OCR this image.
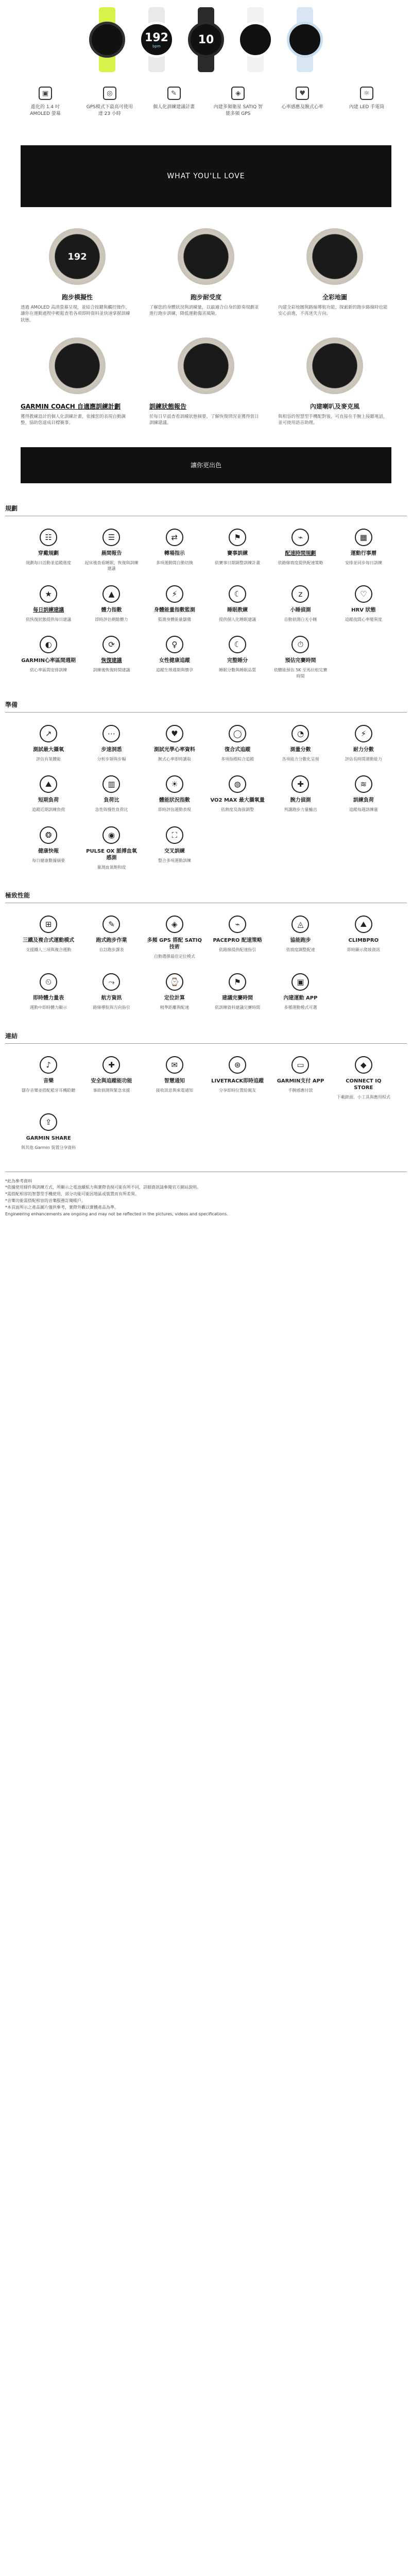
192
bpm	10
▣
進化的 1.4 吋 AMOLED 螢幕
◎
GPS模式下最高可使用達 23 小時
✎
個人化訓練建議計畫
◈
內建多頻衛星 SATIQ 智能多頻 GPS
♥
心率感應及腕式心率
☼
內建 LED 手電筒
WHAT YOU'LL LOVE
192
跑步模擬性

透過 AMOLED 高清螢幕呈現，並結合按鍵與觸控操作，讓你在運動過程中輕鬆查看各項即時資料並快速掌握訓練狀態。

跑步耐受度

了解您的身體狀況與訓練量，以最適合自身的節奏規劃並進行跑步訓練，降低運動傷害風險。

全彩地圖

內建全彩地圖與路線導航功能，探索新的跑步路線時也能安心前進，不再迷失方向。

GARMIN COACH 自適應訓練計劃

獲得教練設計的個人化訓練計畫，依據您的表現自動調整，協助您達成目標賽事。

訓練狀態報告

於每日早晨查看訓練狀態摘要，了解恢復情況並獲得當日訓練建議。

內建喇叭及麥克風

與相容的智慧型手機配對後，可直接在手腕上接聽電話，並可使用語音助理。

讓你更出色
規劃
☷
穿戴規劃
規劃每日活動並追蹤進度
☰
晨間報告
起床後查看睡眠、恢復與訓練建議
⇄
轉場指示
多項運動間自動切換
⚑
賽事訓練
依賽事日期調整訓練計畫
⌁
配速時間規劃
依路線坡度提供配速策略
▦
運動行事曆
安排並同步每日訓練
★
每日訓練建議
依恢復狀態提供每日建議
▲
體力指數
即時評估剩餘體力
⚡
身體能量指數監測
監測身體能量儲備
☾
睡眠教練
提供個人化睡眠建議
z
小睡偵測
自動偵測白天小睡
♡
HRV 狀態
追蹤夜間心率變異度
◐
GARMIN心率區間週期
依心率區間安排訓練
⟳
恢復建議
訓練後恢復時間建議
♀
女性健康追蹤
追蹤生理週期與懷孕
☾
完整睡分
睡眠分數與睡眠品質
⏱
預估完賽時間
依體能預估 5K 至馬拉松完賽時間
準備
↗
測試最大攝氧
評估有氧體能
⋯
步速洞悉
分析步頻與步幅
♥
測試光學心率資料
腕式心率即時讀取
◯
復合式追蹤
多項指標綜合追蹤
◔
測量分數
各項能力分數化呈現
⚡
耐力分數
評估長時間運動能力
⛰
短期負荷
追蹤近期訓練負荷
▥
負荷比
急性與慢性負荷比
☀
體能狀況指數
即時評估運動表現
◍
VO2 MAX 最大攝氧量
依熱度及海拔調整
✚
腕力偵測
判讀跑步力量輸出
≋
訓練負荷
追蹤每週訓練量
❂
健康快報
每日健康數據摘要
◉
PULSE OX 脈搏血氧感測
量測血氧飽和度
⛶
交叉訓練
整合多項運動訓練
極致性能
⊞
三鐵及複合式運動模式
支援鐵人三項與複合運動
✎
跑式跑步作業
自訂跑步課表
◈
多頻 GPS 搭配 SATIQ 技術
自動選擇最佳定位模式
⌁
PACEPRO 配速策略
依路線提供配速指引
◬
協能跑步
依坡度調整配速
⛰
CLIMBPRO
即時顯示爬坡資訊
⏲
即時體力量表
運動中即時體力顯示
⤳
航方資訊
路線導航與方向指引
⌚
定位計算
精準距離與配速
⚑
建議完賽時間
依訓練資料建議完賽時間
▣
內建運動 APP
多種運動模式可選
連結
♪
音樂
儲存音樂並搭配藍牙耳機聆聽
✚
安全與追蹤能功能
事故偵測與緊急求援
✉
智慧通知
接收訊息與來電通知
⊛
LIVETRACK即時追蹤
分享即時位置給親友
▭
GARMIN支付 APP
手腕感應付款
◆
CONNECT IQ STORE
下載錶面、小工具與應用程式
⇪
GARMIN SHARE
與其他 Garmin 裝置分享資料
*此為參考資料
*依據使用條件與訓練方式，所顯示之電池續航力與實際表現可能有所不同，詳細資訊請參閱官方網站說明。
*需搭配相容的智慧型手機使用，部分功能可能因地區或裝置而有所差異。
*音樂功能需搭配相容的音樂服務訂閱帳戶。
*本頁面所示之產品圖片僅供參考，實際外觀以實體產品為準。
Engineering enhancements are ongoing and may not be reflected in the pictures, videos and specifications.
